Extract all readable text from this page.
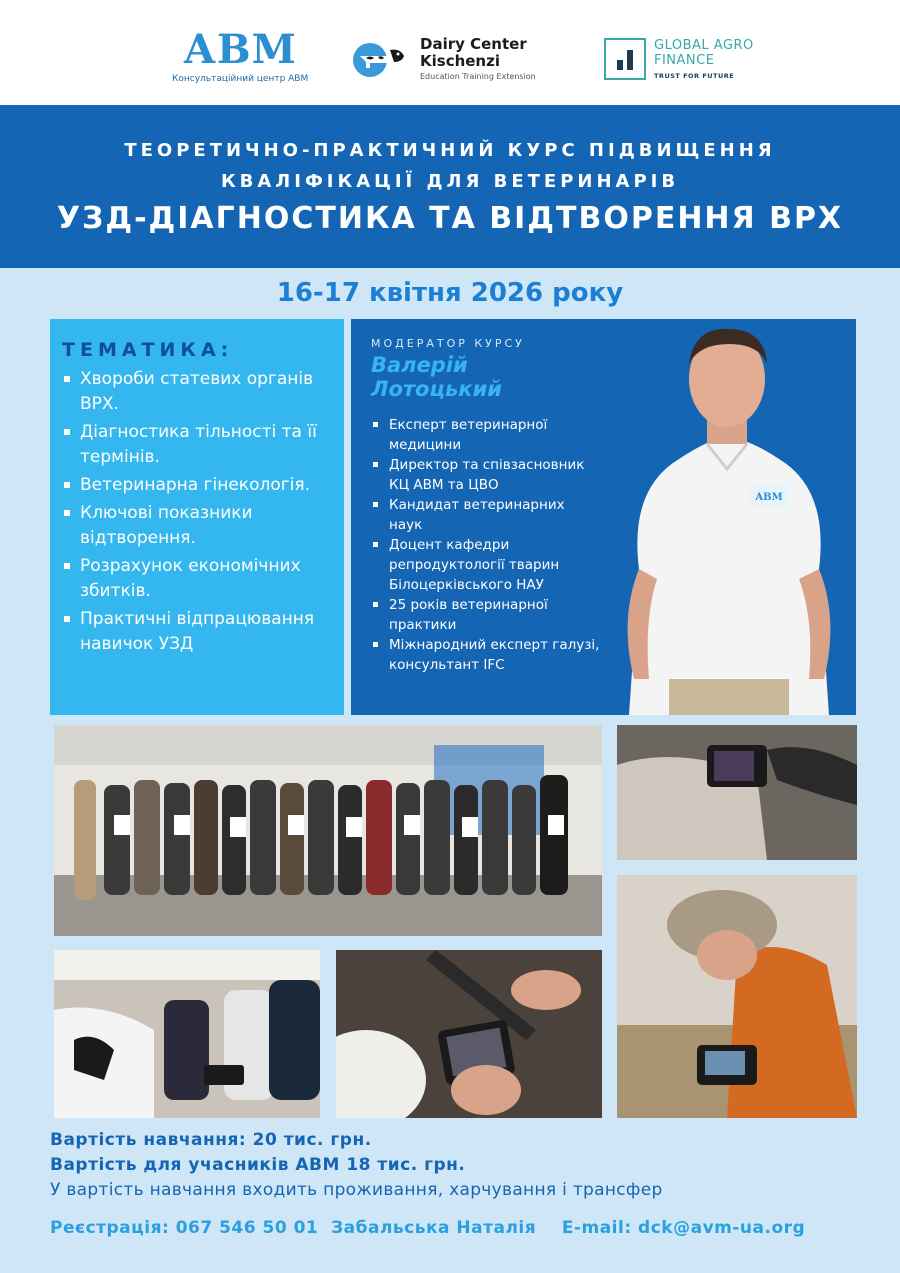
АВМ
Консультаційний центр АВМ
Dairy Center
Kischenzi
Education Training Extension
GLOBAL AGRO
FINANCE
TRUST FOR FUTURE
ТЕОРЕТИЧНО-ПРАКТИЧНИЙ КУРС ПІДВИЩЕННЯ
КВАЛІФІКАЦІЇ ДЛЯ ВЕТЕРИНАРІВ
УЗД-ДІАГНОСТИКА ТА ВІДТВОРЕННЯ ВРХ
16-17 квітня 2026 року
ТЕМАТИКА:
Хвороби статевих органів ВРХ.
Діагностика тільності та її термінів.
Ветеринарна гінекологія.
Ключові показники відтворення.
Розрахунок економічних збитків.
Практичні відпрацювання навичок УЗД
МОДЕРАТОР КУРСУ
Валерій
Лотоцький
Експерт ветеринарної медицини
Директор та співзасновник КЦ АВМ та ЦВО
Кандидат ветеринарних наук
Доцент кафедри репродуктології тварин Білоцерківського НАУ
25 років ветеринарної практики
Міжнародний експерт галузі, консультант IFC
ABM
Вартість навчання: 20 тис. грн.
Вартість для учасників АВМ 18 тис. грн.
У вартість навчання входить проживання, харчування і трансфер
Реєстрація: 067 546 50 01  Забальська Наталія    E-mail: dck@avm-ua.org
